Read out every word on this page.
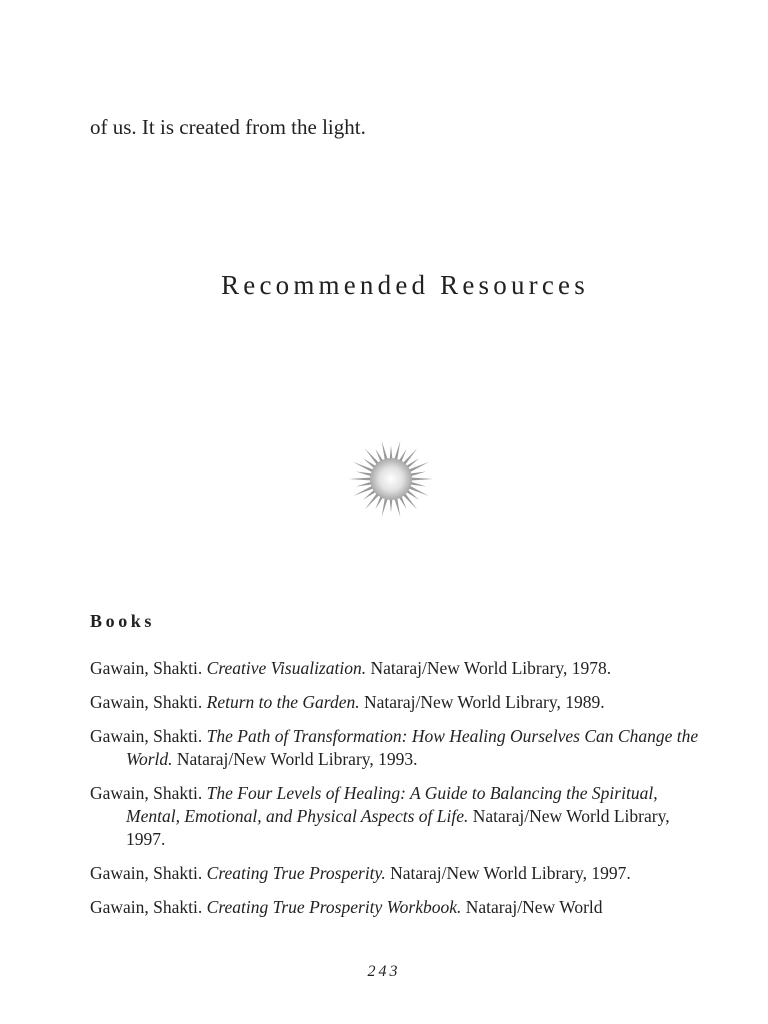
of us. It is created from the light.

Recommended Resources
Books
Gawain, Shakti. Creative Visualization. Nataraj/New World Library, 1978.
Gawain, Shakti. Return to the Garden. Nataraj/New World Library, 1989.
Gawain, Shakti. The Path of Transformation: How Healing Ourselves Can Change the World. Nataraj/New World Library, 1993.
Gawain, Shakti. The Four Levels of Healing: A Guide to Balancing the Spiritual, Mental, Emotional, and Physical Aspects of Life. Nataraj/New World Library, 1997.
Gawain, Shakti. Creating True Prosperity. Nataraj/New World Library, 1997.
Gawain, Shakti. Creating True Prosperity Workbook. Nataraj/New World

243
